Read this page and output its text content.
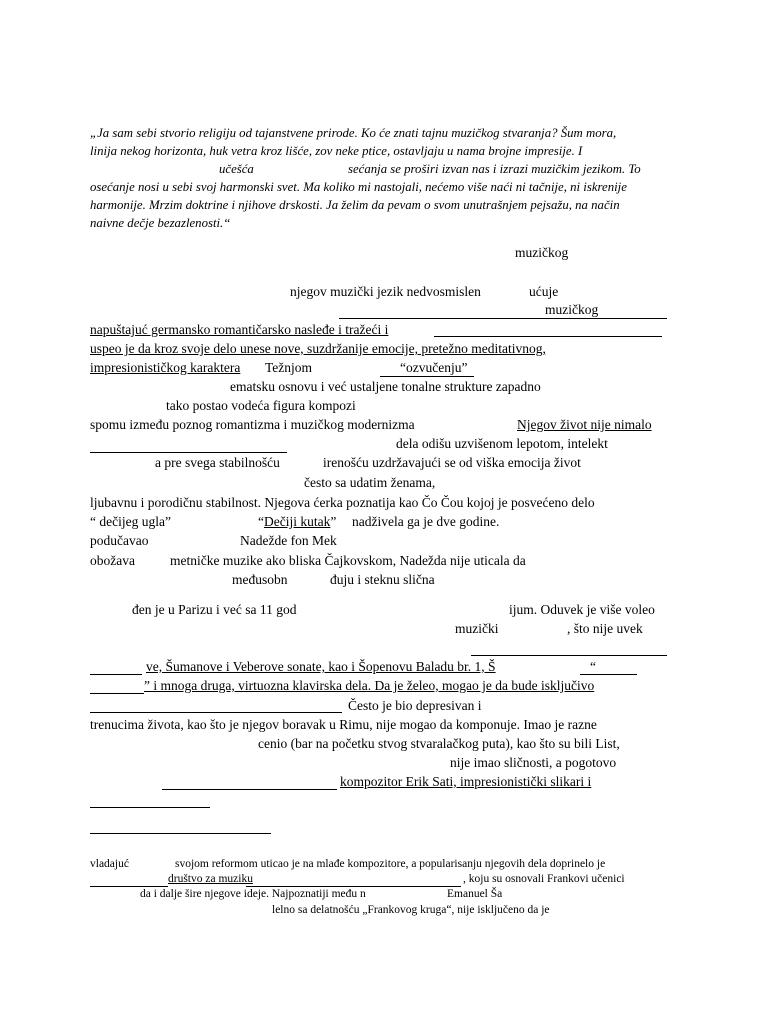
„Ja sam sebi stvorio religiju od tajanstvene prirode. Ko će znati tajnu muzičkog stvaranja? Šum mora,
linija nekog horizonta, huk vetra kroz lišće, zov neke ptice, ostavljaju u nama brojne impresije. I
učešća	sećanja se proširi izvan nas i izrazi muzičkim jezikom. To
osećanje nosi u sebi svoj harmonski svet. Ma koliko mi nastojali, nećemo više naći ni tačnije, ni iskrenije
harmonije. Mrzim doktrine i njihove drskosti. Ja želim da pevam o svom unutrašnjem pejsažu, na način
naivne dečje bezazlenosti.“
muzičkog
njegov muzički jezik nedvosmislen	ućuje
muzičkog
napuštajuć germansko romantičarsko nasleđe i tražeći i
uspeo je da kroz svoje delo unese nove, suzdržanije emocije, pretežno meditativnog,
impresionističkog karaktera Težnjom	“ozvučenju”
ematsku osnovu i već ustaljene tonalne strukture zapadno
tako postao vodeća figura kompozi
spomu između poznog romantizma i muzičkog modernizma	Njegov život nije nimalo
dela odišu uzvišenom lepotom, intelekt
a pre svega stabilnošću	irenošću uzdržavajući se od viška emocija život
često sa udatim ženama,
ljubavnu i porodičnu stabilnost. Njegova ćerka poznatija kao Čo Čou kojoj je posvećeno delo
“ dečijeg ugla”	“Dečiji kutak” nadživela ga je dve godine.
podučavao	Nadežde fon Mek
obožava	metničke muzike ako bliska Čajkovskom, Nadežda nije uticala da
međusobn	đuju i steknu slična
đen je u Parizu i već sa 11 god	ijum. Oduvek je više voleo
muzički	, što nije uvek
ve, Šumanove i Veberove sonate, kao i Šopenovu Baladu br. 1, Š	“
” i mnoga druga, virtuozna klavirska dela. Da je želeo, mogao je da bude isključivo
Često je bio depresivan i
trenucima života, kao što je njegov boravak u Rimu, nije mogao da komponuje. Imao je razne
cenio (bar na početku stvog stvaralačkog puta), kao što su bili List,
nije imao sličnosti, a pogotovo
kompozitor Erik Sati, impresionistički slikari i
vladajuć	svojom reformom uticao je na mlađe kompozitore, a popularisanju njegovih dela doprinelo je
društvo za muziku	, koju su osnovali Frankovi učenici
da i dalje šire njegove ideje. Najpoznatiji među n	Emanuel Ša
lelno sa delatnošću „Frankovog kruga“, nije isključeno da je
